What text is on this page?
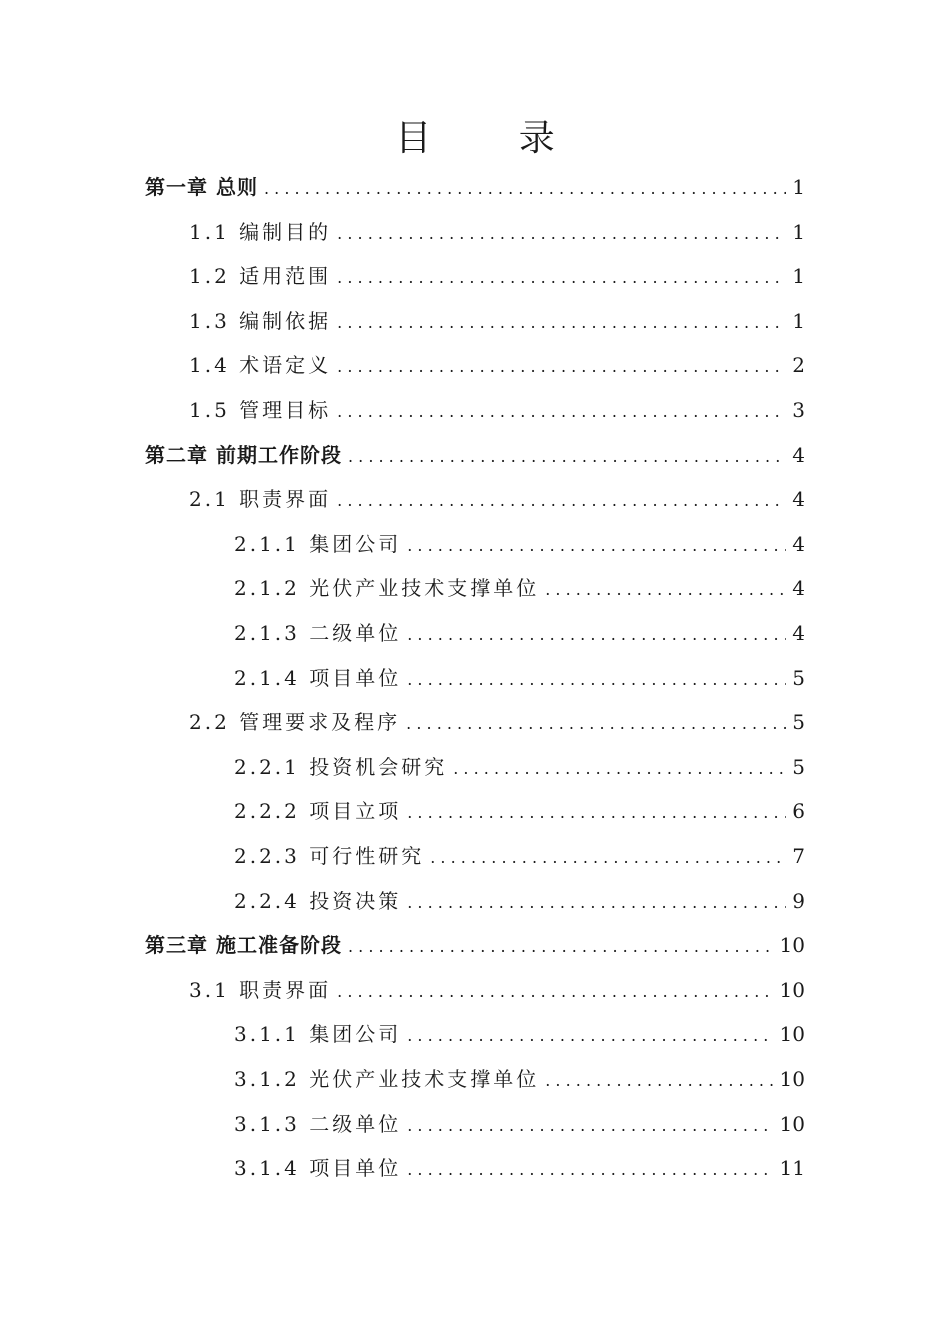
目 录
第一章 总则 . . .	1
1.1 编制目的 . . .	1
1.2 适用范围 . . .	1
1.3 编制依据 . . .	1
1.4 术语定义 . . .	2
1.5 管理目标 . . .	3
第二章 前期工作阶段 . . .	4
2.1 职责界面 . . .	4
2.1.1 集团公司 . . .	4
2.1.2 光伏产业技术支撑单位 . . .	4
2.1.3 二级单位 . . .	4
2.1.4 项目单位 . . .	5
2.2 管理要求及程序 . . .	5
2.2.1 投资机会研究 . . .	5
2.2.2 项目立项 . . .	6
2.2.3 可行性研究 . . .	7
2.2.4 投资决策 . . .	9
第三章 施工准备阶段 . . .	10
3.1 职责界面 . . .	10
3.1.1 集团公司 . . .	10
3.1.2 光伏产业技术支撑单位 . . .	10
3.1.3 二级单位 . . .	10
3.1.4 项目单位 . . .	11
